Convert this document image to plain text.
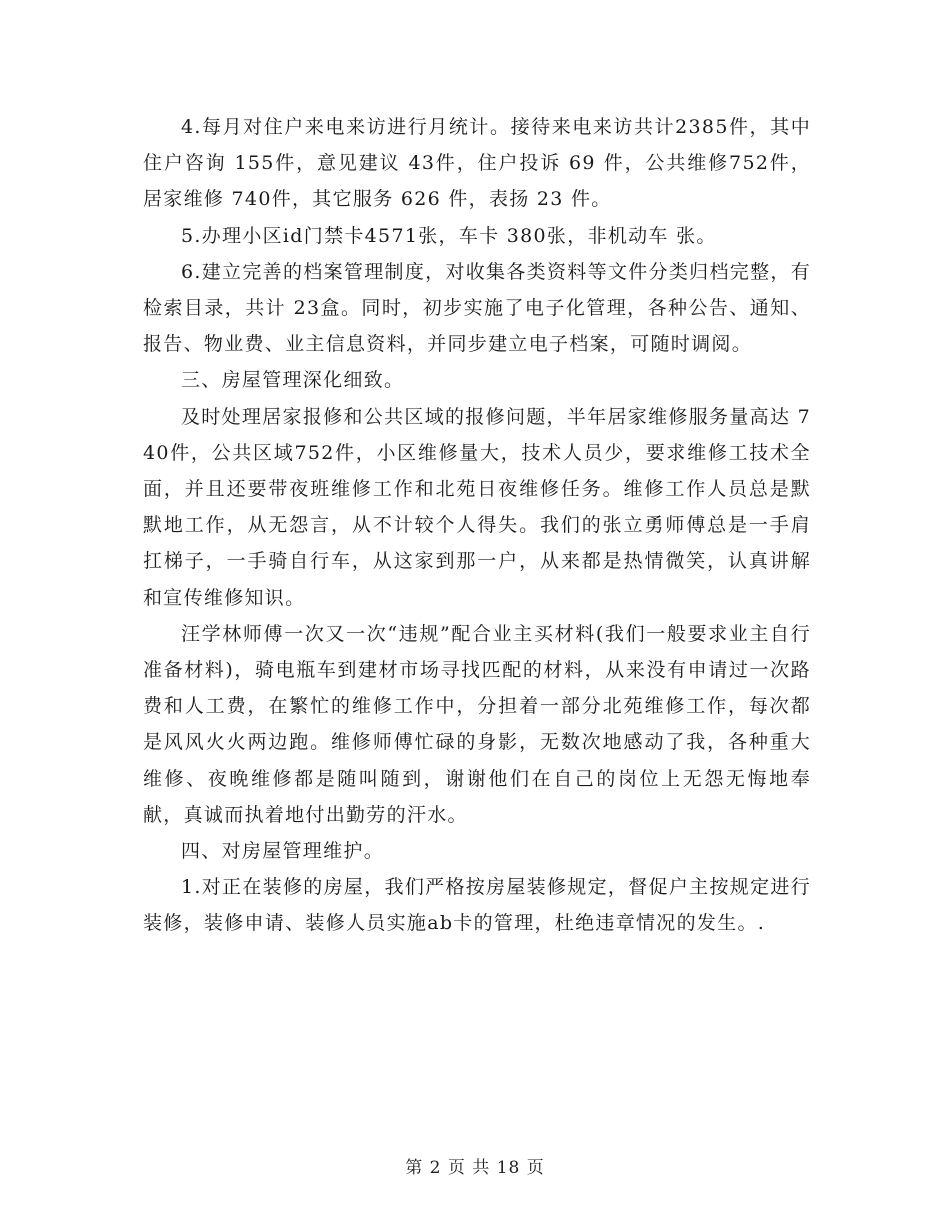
4.每月对住户来电来访进行月统计。接待来电来访共计2385件，其中住户咨询 155件，意见建议 43件，住户投诉 69 件，公共维修752件，居家维修 740件，其它服务 626 件，表扬 23 件。

5.办理小区id门禁卡4571张，车卡 380张，非机动车 张。

6.建立完善的档案管理制度，对收集各类资料等文件分类归档完整，有检索目录，共计 23盒。同时，初步实施了电子化管理，各种公告、通知、报告、物业费、业主信息资料，并同步建立电子档案，可随时调阅。

三、房屋管理深化细致。

及时处理居家报修和公共区域的报修问题，半年居家维修服务量高达 740件，公共区域752件，小区维修量大，技术人员少，要求维修工技术全面，并且还要带夜班维修工作和北苑日夜维修任务。维修工作人员总是默默地工作，从无怨言，从不计较个人得失。我们的张立勇师傅总是一手肩扛梯子，一手骑自行车，从这家到那一户，从来都是热情微笑，认真讲解和宣传维修知识。

汪学林师傅一次又一次“违规”配合业主买材料(我们一般要求业主自行准备材料)，骑电瓶车到建材市场寻找匹配的材料，从来没有申请过一次路费和人工费，在繁忙的维修工作中，分担着一部分北苑维修工作，每次都是风风火火两边跑。维修师傅忙碌的身影，无数次地感动了我，各种重大维修、夜晚维修都是随叫随到，谢谢他们在自己的岗位上无怨无悔地奉献，真诚而执着地付出勤劳的汗水。

四、对房屋管理维护。

1.对正在装修的房屋，我们严格按房屋装修规定，督促户主按规定进行装修，装修申请、装修人员实施ab卡的管理，杜绝违章情况的发生。.

第 2 页 共 18 页
